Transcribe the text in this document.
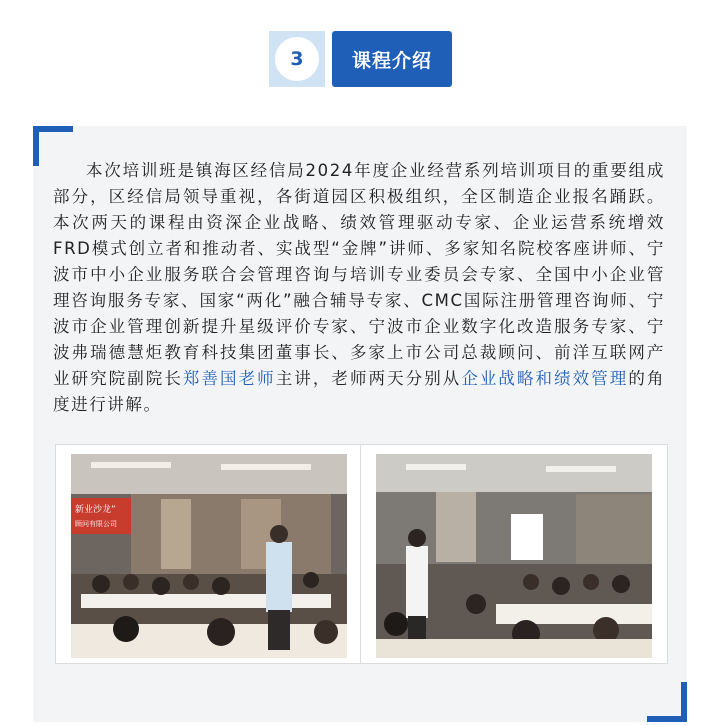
3	课程介绍

本次培训班是镇海区经信局2024年度企业经营系列培训项目的重要组成部分，区经信局领导重视，各街道园区积极组织，全区制造企业报名踊跃。本次两天的课程由资深企业战略、绩效管理驱动专家、企业运营系统增效FRD模式创立者和推动者、实战型“金牌”讲师、多家知名院校客座讲师、宁波市中小企业服务联合会管理咨询与培训专业委员会专家、全国中小企业管理咨询服务专家、国家“两化”融合辅导专家、CMC国际注册管理咨询师、宁波市企业管理创新提升星级评价专家、宁波市企业数字化改造服务专家、宁波弗瑞德慧炬教育科技集团董事长、多家上市公司总裁顾问、前洋互联网产业研究院副院长郑善国老师主讲，老师两天分别从企业战略和绩效管理的角度进行讲解。

新业沙龙”
顾问有限公司
